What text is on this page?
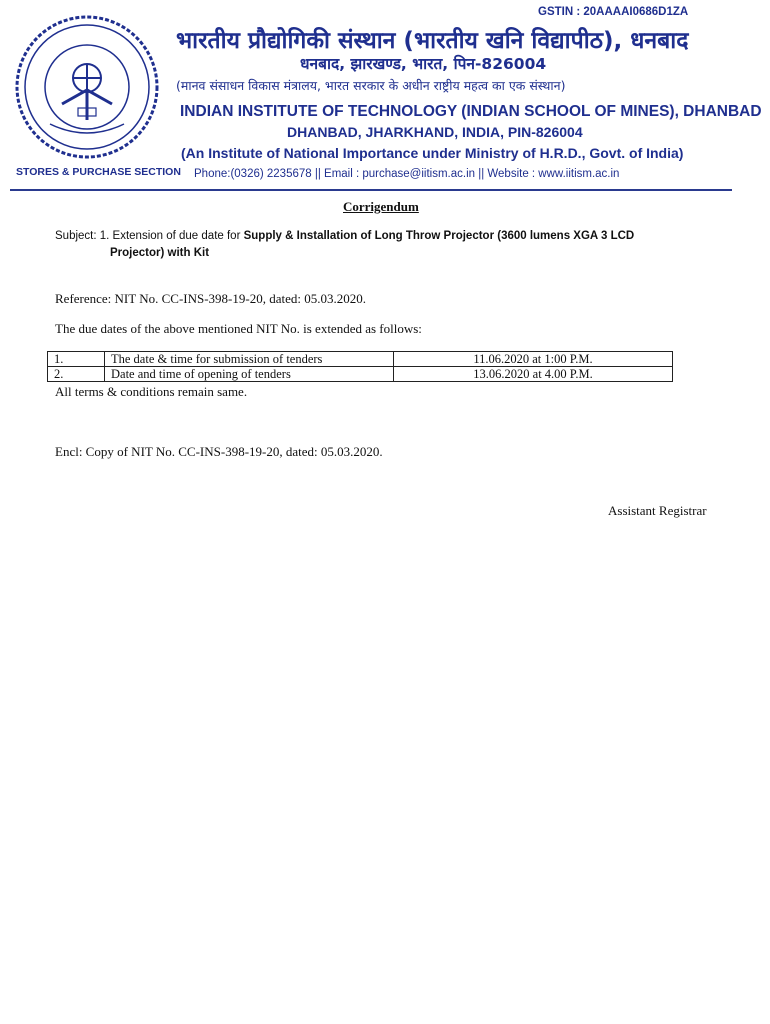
GSTIN : 20AAAAI0686D1ZA
भारतीय प्रौद्योगिकी संस्थान (भारतीय खनि विद्यापीठ), धनबाद
धनबाद, झारखण्ड, भारत, पिन-826004
(मानव संसाधन विकास मंत्रालय, भारत सरकार के अधीन राष्ट्रीय महत्व का एक संस्थान)
INDIAN INSTITUTE OF TECHNOLOGY (INDIAN SCHOOL OF MINES), DHANBAD
DHANBAD, JHARKHAND, INDIA, PIN-826004
(An Institute of National Importance under Ministry of H.R.D., Govt. of India)
STORES & PURCHASE SECTION Phone:(0326) 2235678 || Email : purchase@iitism.ac.in || Website : www.iitism.ac.in
Corrigendum
Subject: 1. Extension of due date for Supply & Installation of Long Throw Projector (3600 lumens XGA 3 LCD
Projector) with Kit
Reference: NIT No. CC-INS-398-19-20, dated: 05.03.2020.
The due dates of the above mentioned NIT No. is extended as follows:
1.	The date & time for submission of tenders	11.06.2020 at 1:00 P.M.
2.	Date and time of opening of tenders	13.06.2020 at 4.00 P.M.
All terms & conditions remain same.
Encl: Copy of NIT No. CC-INS-398-19-20, dated: 05.03.2020.
Assistant Registrar
